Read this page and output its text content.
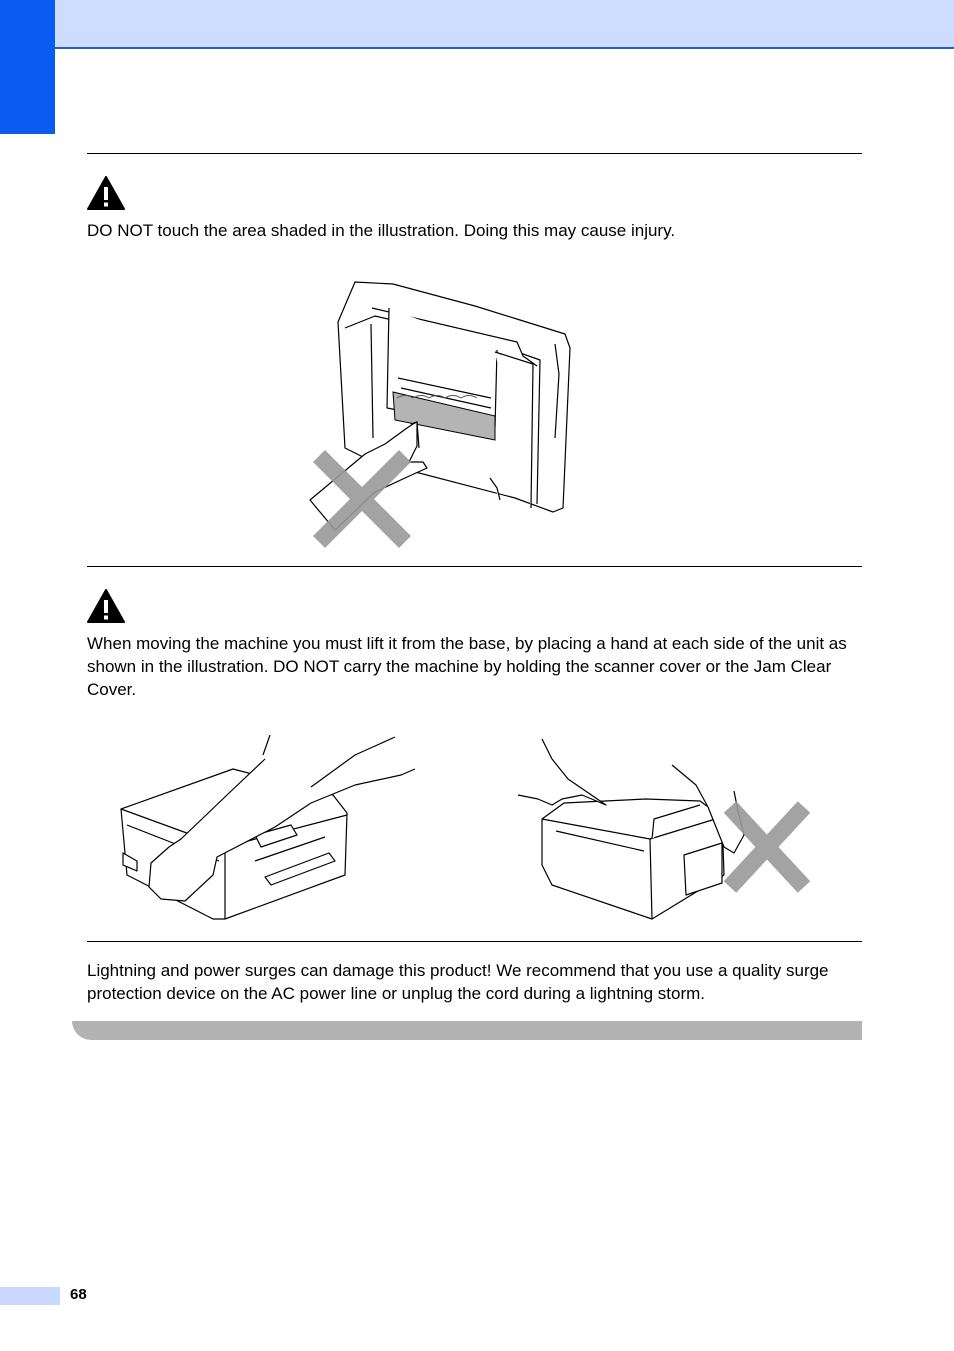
DO NOT touch the area shaded in the illustration. Doing this may cause injury.

When moving the machine you must lift it from the base, by placing a hand at each side of the unit as shown in the illustration. DO NOT carry the machine by holding the scanner cover or the Jam Clear Cover.

Lightning and power surges can damage this product! We recommend that you use a quality surge protection device on the AC power line or unplug the cord during a lightning storm.

68
